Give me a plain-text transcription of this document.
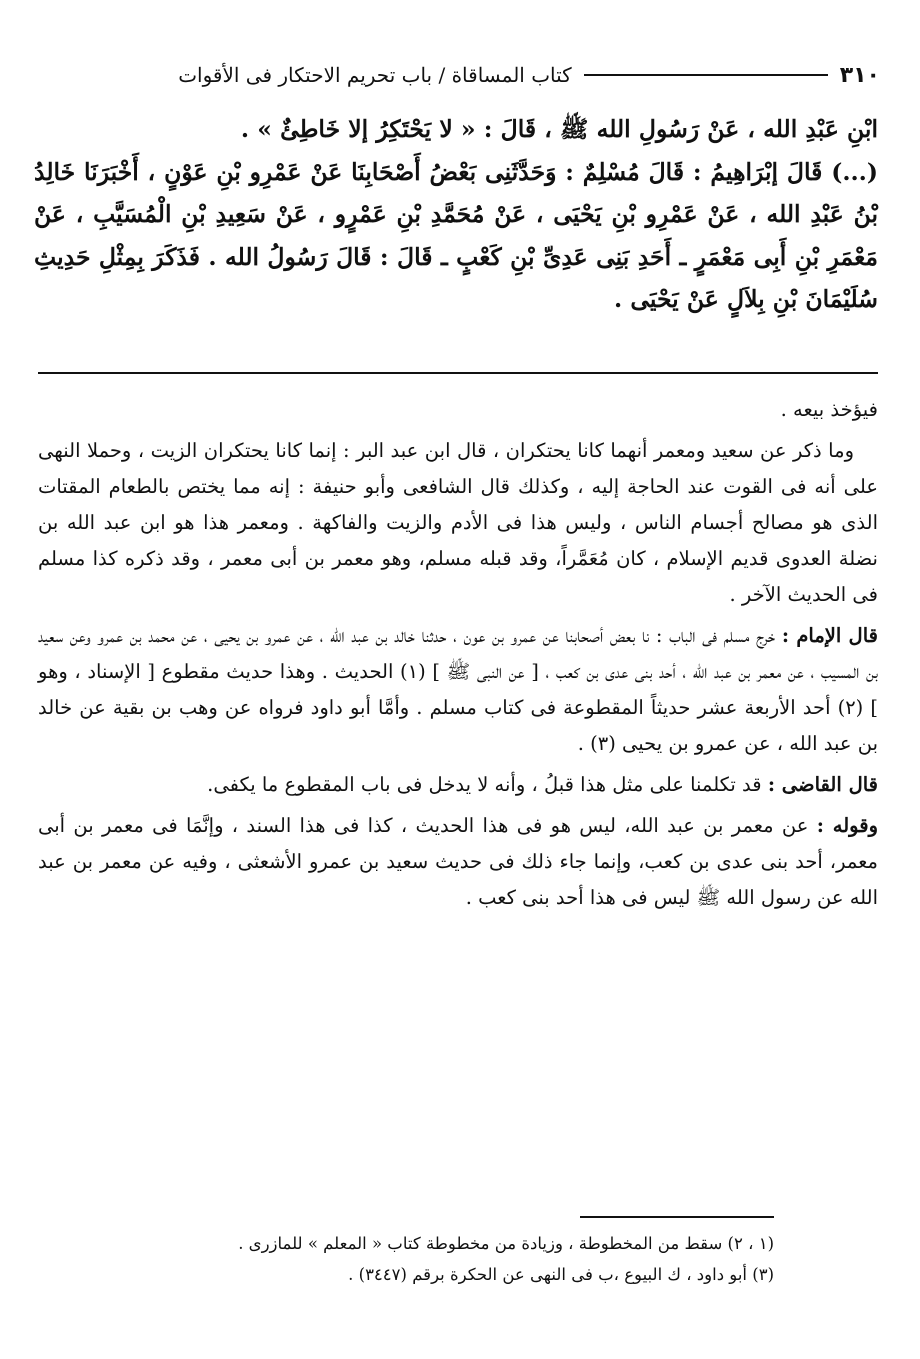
٣١٠
كتاب المساقاة / باب تحريم الاحتكار فى الأقوات

ابْنِ عَبْدِ الله ، عَنْ رَسُولِ الله ﷺ ، قَالَ : « لا يَحْتَكِرُ إلا خَاطِئٌ » .

(...) قَالَ إبْرَاهِيمُ : قَالَ مُسْلِمٌ : وَحَدَّثَنِى بَعْضُ أَصْحَابِنَا عَنْ عَمْرِو بْنِ عَوْنٍ ، أَخْبَرَنَا خَالِدُ بْنُ عَبْدِ الله ، عَنْ عَمْرِو بْنِ يَحْيَى ، عَنْ مُحَمَّدِ بْنِ عَمْرٍو ، عَنْ سَعِيدِ بْنِ الْمُسَيَّبِ ، عَنْ مَعْمَرِ بْنِ أَبِى مَعْمَرٍ ـ أَحَدِ بَنِى عَدِىِّ بْنِ كَعْبٍ ـ قَالَ : قَالَ رَسُولُ الله . فَذَكَرَ بِمِثْلِ حَدِيثِ سُلَيْمَانَ بْنِ بِلاَلٍ عَنْ يَحْيَى .

فيؤخذ بيعه .

وما ذكر عن سعيد ومعمر أنهما كانا يحتكران ، قال ابن عبد البر : إنما كانا يحتكران الزيت ، وحملا النهى على أنه فى القوت عند الحاجة إليه ، وكذلك قال الشافعى وأبو حنيفة : إنه مما يختص بالطعام المقتات الذى هو مصالح أجسام الناس ، وليس هذا فى الأدم والزيت والفاكهة . ومعمر هذا هو ابن عبد الله بن نضلة العدوى قديم الإسلام ، كان مُعَمَّراً، وقد قبله مسلم، وهو معمر بن أبى معمر ، وقد ذكره كذا مسلم فى الحديث الآخر .

قال الإمام : خرج مسلم فى الباب : نا بعض أصحابنا عن عمرو بن عون ، حدثنا خالد بن عبد الله ، عن عمرو بن يحيى ، عن محمد بن عمرو وعن سعيد بن المسيب ، عن معمر بن عبد الله ، أحد بنى عدى بن كعب ، [ عن النبى ﷺ ] (١) الحديث . وهذا حديث مقطوع [ الإسناد ، وهو ] (٢) أحد الأربعة عشر حديثاً المقطوعة فى كتاب مسلم . وأمَّا أبو داود فرواه عن وهب بن بقية عن خالد بن عبد الله ، عن عمرو بن يحيى (٣) .

قال القاضى : قد تكلمنا على مثل هذا قبلُ ، وأنه لا يدخل فى باب المقطوع ما يكفى.

وقوله : عن معمر بن عبد الله، ليس هو فى هذا الحديث ، كذا فى هذا السند ، وإنَّمَا فى معمر بن أبى معمر، أحد بنى عدى بن كعب، وإنما جاء ذلك فى حديث سعيد بن عمرو الأشعثى ، وفيه عن معمر بن عبد الله عن رسول الله ﷺ ليس فى هذا أحد بنى كعب .

(١ ، ٢) سقط من المخطوطة ، وزيادة من مخطوطة كتاب « المعلم » للمازرى .

(٣) أبو داود ، ك البيوع ،ب فى النهى عن الحكرة برقم (٣٤٤٧) .
